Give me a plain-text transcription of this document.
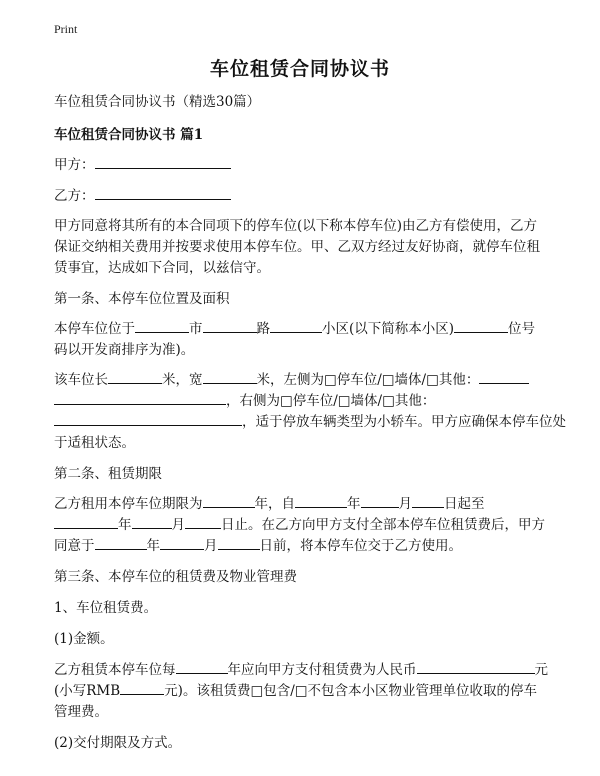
Print
车位租赁合同协议书
车位租赁合同协议书（精选30篇）
车位租赁合同协议书 篇1
甲方：
乙方：
甲方同意将其所有的本合同项下的停车位(以下称本停车位)由乙方有偿使用，乙方
保证交纳相关费用并按要求使用本停车位。甲、乙双方经过友好协商，就停车位租
赁事宜，达成如下合同，以兹信守。
第一条、本停车位位置及面积
本停车位位于	市	路	小区(以下简称本小区)	位号
码以开发商排序为准)。
该车位长	米，宽	米，左侧为□停车位/□墙体/□其他：
，右侧为□停车位/□墙体/□其他：
，适于停放车辆类型为小轿车。甲方应确保本停车位处
于适租状态。
第二条、租赁期限
乙方租用本停车位期限为	年，自	年	月 日起至
年	月	日止。在乙方向甲方支付全部本停车位租赁费后，甲方
同意于	年	月	日前，将本停车位交于乙方使用。
第三条、本停车位的租赁费及物业管理费
1、车位租赁费。
(1)金额。
乙方租赁本停车位每	年应向甲方支付租赁费为人民币	元
(小写RMB	元)。该租赁费□包含/□不包含本小区物业管理单位收取的停车
管理费。
(2)交付期限及方式。
